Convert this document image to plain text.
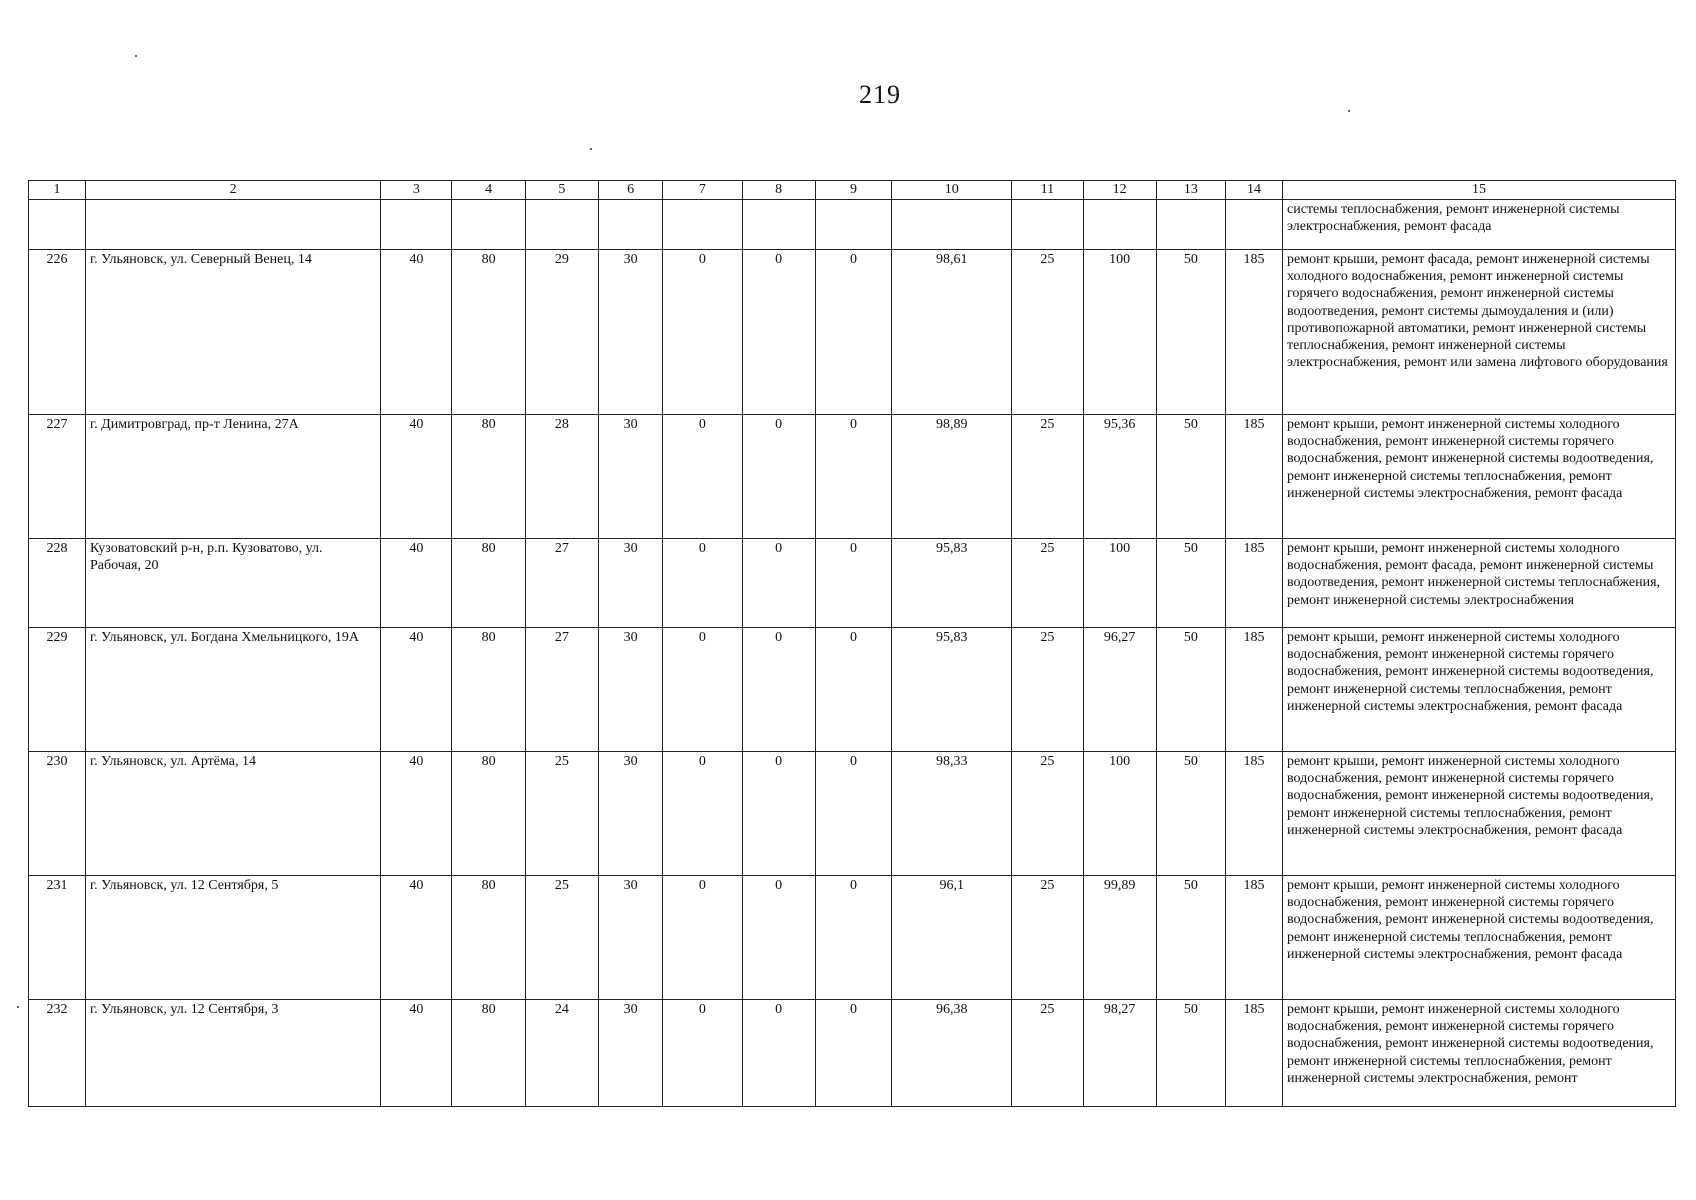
219
1	2	3	4	5	6	7	8	9	10	11	12	13	14	15
														системы теплоснабжения, ремонт инженерной системы электроснабжения, ремонт фасада
226	г. Ульяновск, ул. Северный Венец, 14	40	80	29	30	0	0	0	98,61	25	100	50	185	ремонт крыши, ремонт фасада, ремонт инженерной системы холодного водоснабжения, ремонт инженерной системы горячего водоснабжения, ремонт инженерной системы водоотведения, ремонт системы дымоудаления и (или) противопожарной автоматики, ремонт инженерной системы теплоснабжения, ремонт инженерной системы электроснабжения, ремонт или замена лифтового оборудования
227	г. Димитровград, пр-т Ленина, 27А	40	80	28	30	0	0	0	98,89	25	95,36	50	185	ремонт крыши, ремонт инженерной системы холодного водоснабжения, ремонт инженерной системы горячего водоснабжения, ремонт инженерной системы водоотведения, ремонт инженерной системы теплоснабжения, ремонт инженерной системы электроснабжения, ремонт фасада
228	Кузоватовский р-н, р.п. Кузоватово, ул. Рабочая, 20	40	80	27	30	0	0	0	95,83	25	100	50	185	ремонт крыши, ремонт инженерной системы холодного водоснабжения, ремонт фасада, ремонт инженерной системы водоотведения, ремонт инженерной системы теплоснабжения, ремонт инженерной системы электроснабжения
229	г. Ульяновск, ул. Богдана Хмельницкого, 19А	40	80	27	30	0	0	0	95,83	25	96,27	50	185	ремонт крыши, ремонт инженерной системы холодного водоснабжения, ремонт инженерной системы горячего водоснабжения, ремонт инженерной системы водоотведения, ремонт инженерной системы теплоснабжения, ремонт инженерной системы электроснабжения, ремонт фасада
230	г. Ульяновск, ул. Артёма, 14	40	80	25	30	0	0	0	98,33	25	100	50	185	ремонт крыши, ремонт инженерной системы холодного водоснабжения, ремонт инженерной системы горячего водоснабжения, ремонт инженерной системы водоотведения, ремонт инженерной системы теплоснабжения, ремонт инженерной системы электроснабжения, ремонт фасада
231	г. Ульяновск, ул. 12 Сентября, 5	40	80	25	30	0	0	0	96,1	25	99,89	50	185	ремонт крыши, ремонт инженерной системы холодного водоснабжения, ремонт инженерной системы горячего водоснабжения, ремонт инженерной системы водоотведения, ремонт инженерной системы теплоснабжения, ремонт инженерной системы электроснабжения, ремонт фасада
232	г. Ульяновск, ул. 12 Сентября, 3	40	80	24	30	0	0	0	96,38	25	98,27	50	185	ремонт крыши, ремонт инженерной системы холодного водоснабжения, ремонт инженерной системы горячего водоснабжения, ремонт инженерной системы водоотведения, ремонт инженерной системы теплоснабжения, ремонт инженерной системы электроснабжения, ремонт
